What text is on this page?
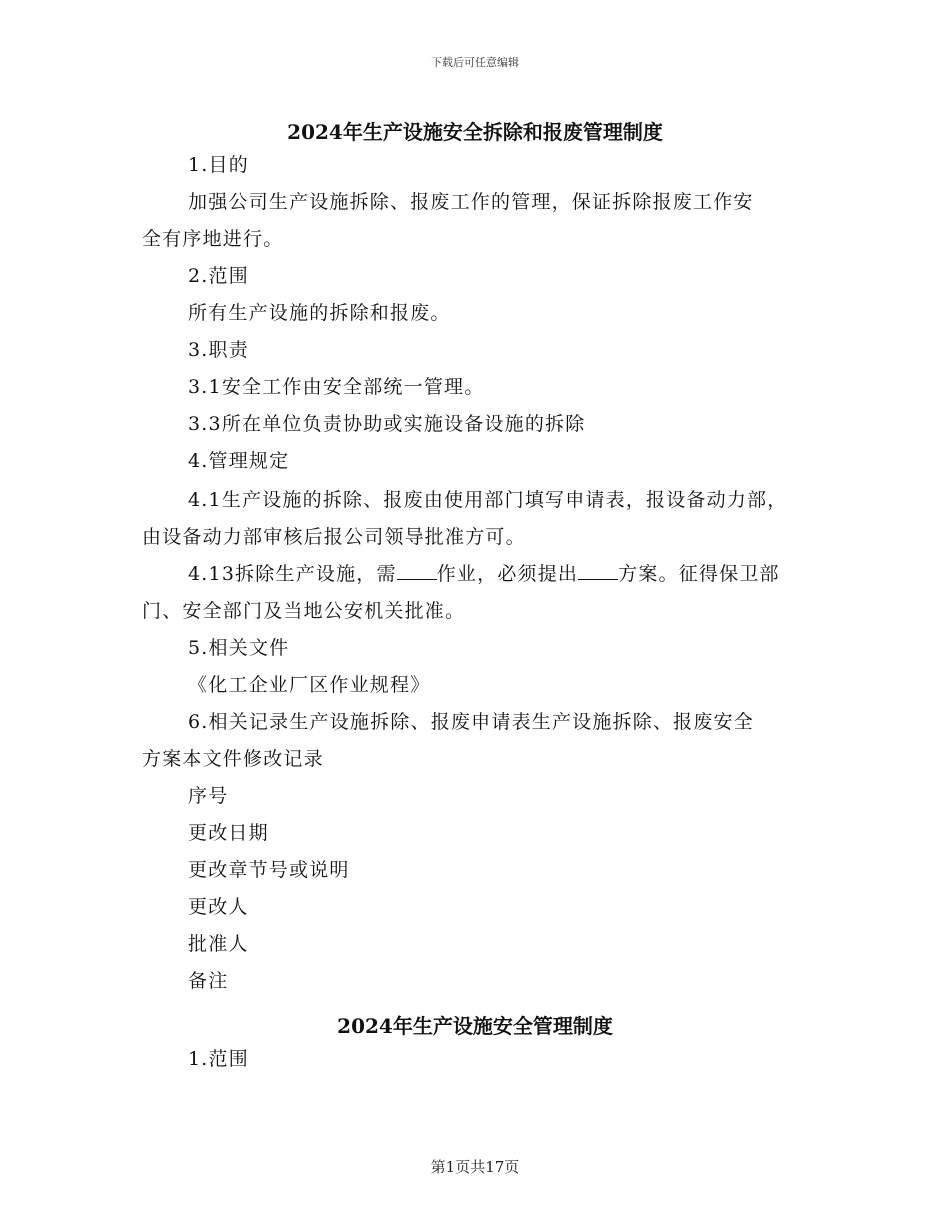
下载后可任意编辑
2024年生产设施安全拆除和报废管理制度
1.目的
加强公司生产设施拆除、报废工作的管理，保证拆除报废工作安
全有序地进行。
2.范围
所有生产设施的拆除和报废。
3.职责
3.1安全工作由安全部统一管理。
3.3所在单位负责协助或实施设备设施的拆除
4.管理规定
4.1生产设施的拆除、报废由使用部门填写申请表，报设备动力部，
由设备动力部审核后报公司领导批准方可。
4.13拆除生产设施，需 作业，必须提出 方案。征得保卫部
门、安全部门及当地公安机关批准。
5.相关文件
《化工企业厂区作业规程》
6.相关记录生产设施拆除、报废申请表生产设施拆除、报废安全
方案本文件修改记录
序号
更改日期
更改章节号或说明
更改人
批准人
备注
2024年生产设施安全管理制度
1.范围
第1页共17页
